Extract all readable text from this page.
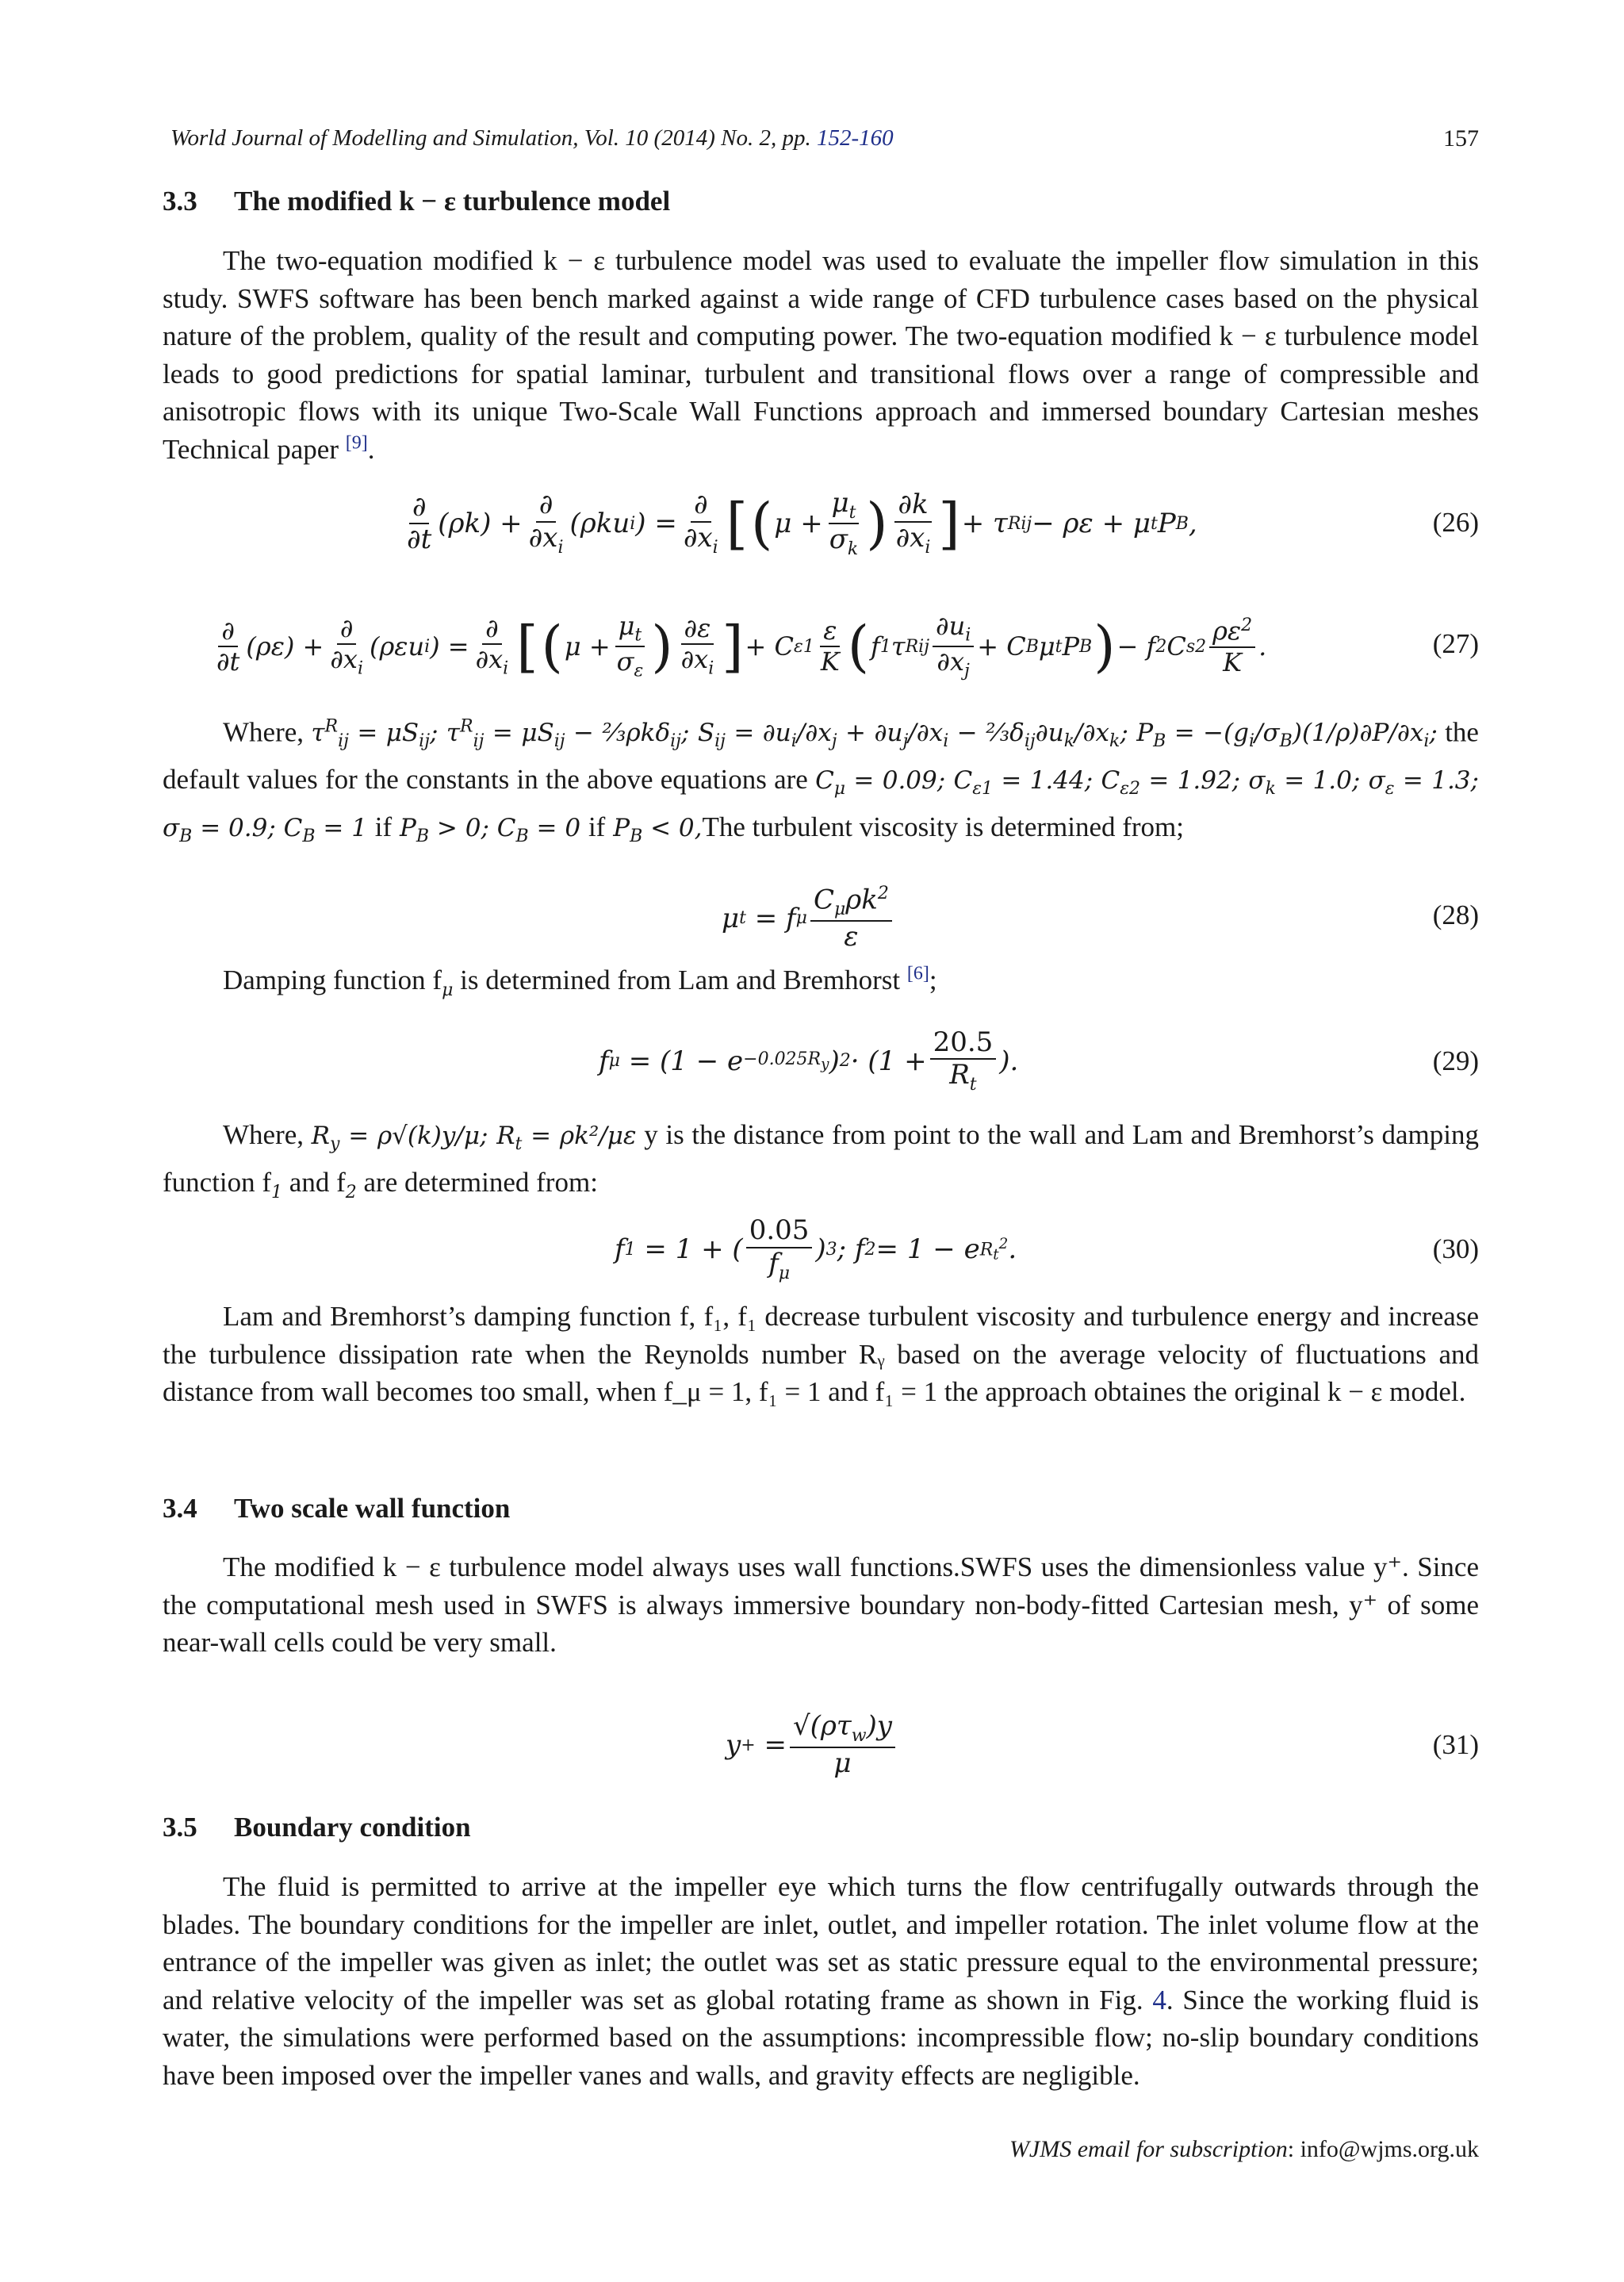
World Journal of Modelling and Simulation, Vol. 10 (2014) No. 2, pp. 152-160	157
3.3 The modified k − ε turbulence model
The two-equation modified k − ε turbulence model was used to evaluate the impeller flow simulation in this study. SWFS software has been bench marked against a wide range of CFD turbulence cases based on the physical nature of the problem, quality of the result and computing power. The two-equation modified k − ε turbulence model leads to good predictions for spatial laminar, turbulent and transitional flows over a range of compressible and anisotropic flows with its unique Two-Scale Wall Functions approach and immersed boundary Cartesian meshes Technical paper [9].
$\frac{\partial}{\partial t} (\rho k) + \frac{\partial}{\partial x_i} (\rho ku$ i ) = $\frac{\partial}{\partial x_i}$ [ ( $\mu + \frac{\mu_t}{\sigma_k}$ ) $\frac{\partial k}{\partial x_i}$ ] + τ R ij − ρε + μ t P B ,	(26)
$\frac{\partial}{\partial t} (\rho\varepsilon) + \frac{\partial}{\partial x_i} (\rho\varepsilon u$ i ) = $\frac{\partial}{\partial x_i}$ [ ( $\mu + \frac{\mu_t}{\sigma_\varepsilon}$ ) $\frac{\partial\varepsilon}{\partial x_i}$ ] + C $\varepsilon 1 \frac{\varepsilon}{K}$ ( f 1 τ R ij $\frac{\partial u_i}{\partial x_j} + C$ B μ t P B ) − f 2 C $s2 \frac{\rho\varepsilon^2}{K}$ .	(27)
Where, $\tau^R_{ij} = \mu S_{ij}$; $\tau^R_{ij} = \mu S_{ij}$ − ⅔ρkδ$_{ij}$; $S_{ij} = \partial u_i/\partial x_j + \partial u_j/\partial x_i$ − $\frac{2}{3}\delta_{ij}\partial u_k/\partial x_k$; $P_B = -(g_i/\sigma_B)(1/\rho)\partial P/\partial x_i$; the default values for the constants in the above equations are $C_\mu = 0.09$; $C_{\varepsilon 1} = 1.44$; $C_{\varepsilon 2} = 1.92$; $\sigma_k = 1.0$; $\sigma_\varepsilon = 1.3$; $\sigma_B = 0.9$; $C_B = 1$ if $P_B > 0$; $C_B = 0$ if $P_B < 0,The$ turbulent viscosity is determined from;
μ t = f μ $\frac{C_\mu\rho k^2}{\varepsilon}$	(28)
Damping function $f_\mu$ is determined from Lam and Bremhorst [6];
f $\mu = (1 - e -0.025R_y$ ) $2 \cdot (1 + \frac{20.5}{R_t}$ ).	(29)
Where, $R_y = \rho√(k)y/\mu$; $R_t = \rho k^2/\mu\varepsilon$ y is the distance from point to the wall and Lam and Bremhorst’s damping function $f_1$ and $f_2$ are determined from:
f 1 = 1 + ( $\frac{0.05}{f_\mu}$ ) 3 ; f 2 = 1 − e $R_t^2$ .	(30)
Lam and Bremhorst’s damping function f, f₁, f₁ decrease turbulent viscosity and turbulence energy and increase the turbulence dissipation rate when the Reynolds number Rᵧ based on the average velocity of fluctuations and distance from wall becomes too small, when f_μ = 1, f₁ = 1 and f₁ = 1 the approach obtaines the original k − ε model.
3.4 Two scale wall function
The modified k − ε turbulence model always uses wall functions.SWFS uses the dimensionless value y⁺. Since the computational mesh used in SWFS is always immersive boundary non-body-fitted Cartesian mesh, y⁺ of some near-wall cells could be very small.
y + = $\frac{√(\rho\tau_w)y}{\mu}$	(31)
3.5 Boundary condition
The fluid is permitted to arrive at the impeller eye which turns the flow centrifugally outwards through the blades. The boundary conditions for the impeller are inlet, outlet, and impeller rotation. The inlet volume flow at the entrance of the impeller was given as inlet; the outlet was set as static pressure equal to the environmental pressure; and relative velocity of the impeller was set as global rotating frame as shown in Fig. 4. Since the working fluid is water, the simulations were performed based on the assumptions: incompressible flow; no-slip boundary conditions have been imposed over the impeller vanes and walls, and gravity effects are negligible.
WJMS email for subscription: info@wjms.org.uk
